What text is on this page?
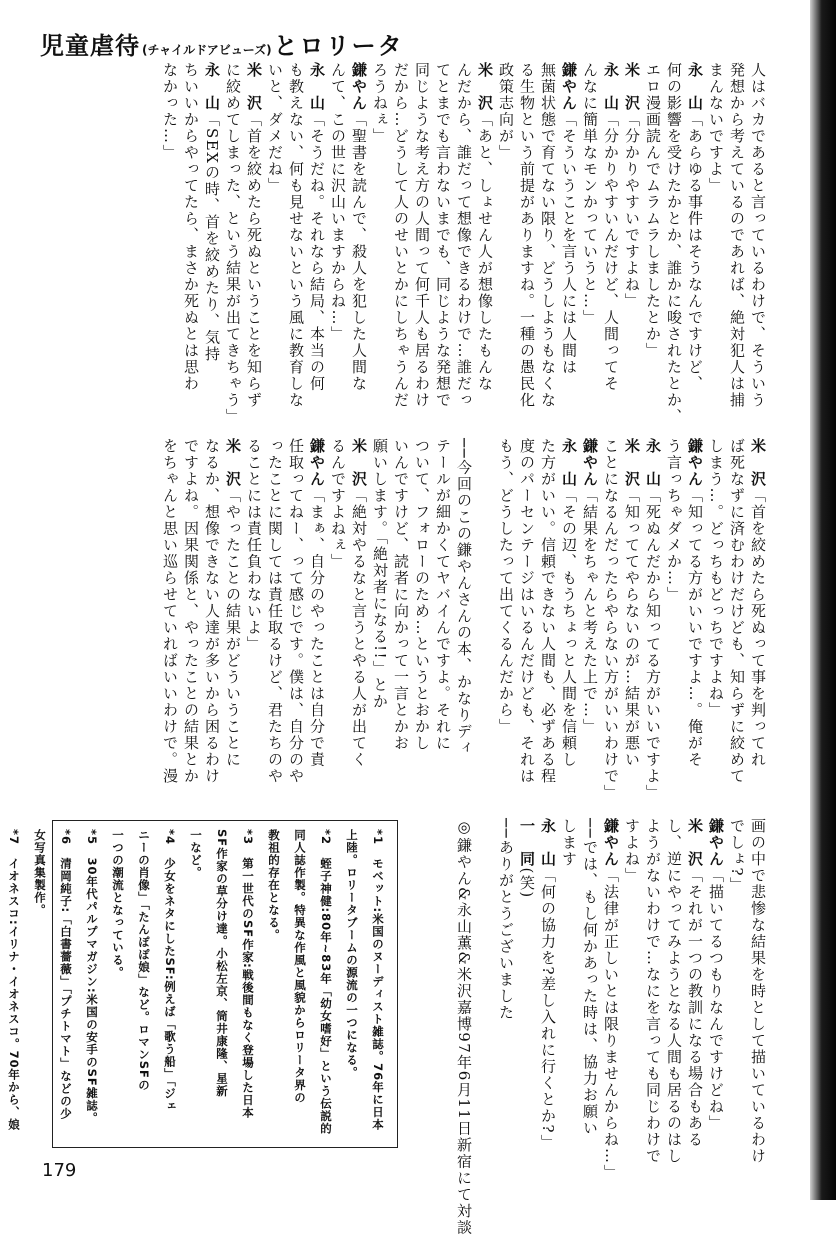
児童虐待 (チャイルドアビューズ) とロリータ
人はバカであると言っているわけで、そういう
発想から考えているのであれば、絶対犯人は捕
まんないですよ」
永　山「あらゆる事件はそうなんですけど、
何の影響を受けたかとか、誰かに唆されたとか、
エロ漫画読んでムラムラしましたとか」
米　沢「分かりやすいですよね」
永　山「分かりやすいんだけど、人間ってそ
んなに簡単なモンかっていうと…」
鎌やん「そういうことを言う人には人間は
無菌状態で育てない限り、どうしようもなくな
る生物という前提がありますね。一種の愚民化
政策志向が」
米　沢「あと、しょせん人が想像したもんな
んだから、誰だって想像できるわけで…誰だっ
てとまでも言わないまでも、同じような発想で
同じような考え方の人間って何千人も居るわけ
だから…どうして人のせいとかにしちゃうんだ
ろうねぇ」
鎌やん「聖書を読んで、殺人を犯した人間な
んて、この世に沢山いますからね…」
永　山「そうだね。それなら結局、本当の何
も教えない、何も見せないという風に教育しな
いと、ダメだね」
米　沢「首を絞めたら死ぬということを知らず
に絞めてしまった、という結果が出てきちゃう」
永　山「SEXの時、首を絞めたり、気持
ちいいからやってたら、まさか死ぬとは思わ
なかった…」
米　沢「首を絞めたら死ぬって事を判ってれ
ば死なずに済むわけだけども、知らずに絞めて
しまう…。どっちもどっちですよね」
鎌やん「知ってる方がいいですよ…。俺がそ
う言っちゃダメか…」
永　山「死ぬんだから知ってる方がいいですよ」
米　沢「知っててやらないのが…結果が悪い
ことになるんだったらやらない方がいいわけで」
鎌やん「結果をちゃんと考えた上で…」
永　山「その辺、もうちょっと人間を信頼し
た方がいい。信頼できない人間も、必ずある程
度のパーセンテージはいるんだけども、それは
もう、どうしたって出てくるんだから」

──今回のこの鎌やんさんの本、かなりディ
テールが細かくてヤバイんですよ。それに
ついて、フォローのため…というとおかし
いんですけど、読者に向かって一言とかお
願いします。「絶対者になる!!」とか
米　沢「絶対やるなと言うとやる人が出てく
るんですよねぇ」
鎌やん「まぁ、自分のやったことは自分で責
任取ってねー、って感じです。僕は、自分のや
ったことに関しては責任取るけど、君たちのや
ることには責任負わないよ」
米　沢「やったことの結果がどういうことに
なるか、想像できない人達が多いから困るわけ
ですよね。因果関係と、やったことの結果とか
をちゃんと思い巡らせていればいいわけで。漫
画の中で悲惨な結果を時として描いているわけ
でしょ?」
鎌やん「描いてるつもりなんですけどね」
米　沢「それが一つの教訓になる場合もある
し、逆にやってみようとなる人間も居るのはし
ようがないわけで…なにを言っても同じわけで
すよね」
鎌やん「法律が正しいとは限りませんからね…」
──では、もし何かあった時は、協力お願い
します
永　山「何の協力を?差し入れに行くとか?」
一　同(笑)
──ありがとうございました

◎鎌やん&永山薫&米沢嘉博97年6月11日新宿にて対談
*1　モベット:米国のヌーディスト雑誌。76年に日本
上陸。ロリータブームの源流の一つになる。
*2　蛭子神健:80年~83年「幼女嗜好」という伝説的
同人誌作製。特異な作風と風貌からロリータ界の
教祖的存在となる。
*3　第一世代のSF作家:戦後間もなく登場した日本
SF作家の草分け達。小松左京、筒井康隆、星新
一など。
*4　少女をネタにしたSF:例えば「歌う船」「ジェ
ニーの肖像」「たんぽぽ娘」など。ロマンSFの
一つの潮流となっている。
*5　30年代パルプマガジン:米国の安手のSF雑誌。
*6　清岡純子:「白書薔薇」「プチトマト」などの少
女写真集製作。
*7　イオネスコ:イリナ・イオネスコ。70年から、娘
179
